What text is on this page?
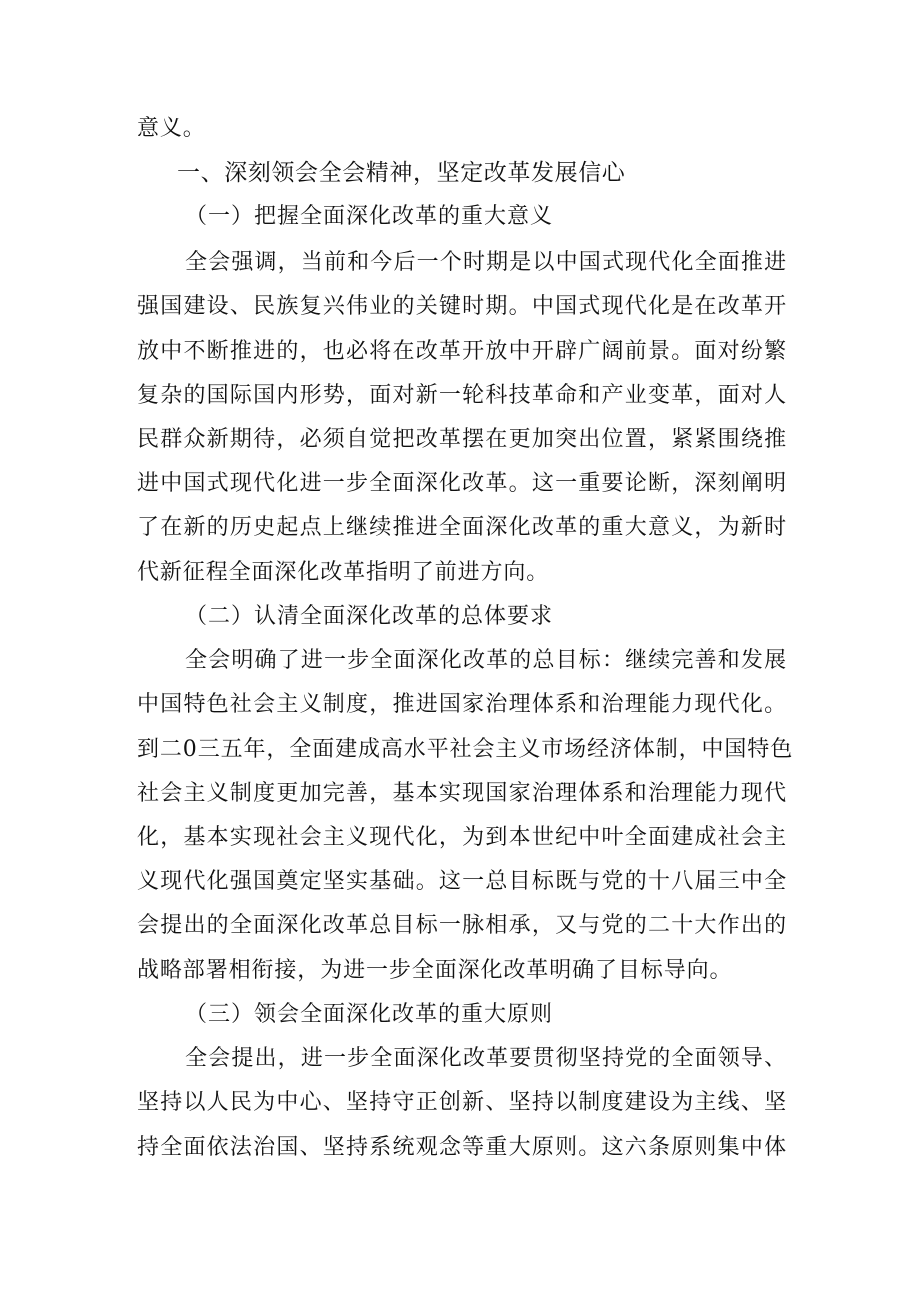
意义。
一、深刻领会全会精神，坚定改革发展信心
（一）把握全面深化改革的重大意义
全会强调，当前和今后一个时期是以中国式现代化全面推进
强国建设、民族复兴伟业的关键时期。中国式现代化是在改革开
放中不断推进的，也必将在改革开放中开辟广阔前景。面对纷繁
复杂的国际国内形势，面对新一轮科技革命和产业变革，面对人
民群众新期待，必须自觉把改革摆在更加突出位置，紧紧围绕推
进中国式现代化进一步全面深化改革。这一重要论断，深刻阐明
了在新的历史起点上继续推进全面深化改革的重大意义，为新时
代新征程全面深化改革指明了前进方向。
（二）认清全面深化改革的总体要求
全会明确了进一步全面深化改革的总目标：继续完善和发展
中国特色社会主义制度，推进国家治理体系和治理能力现代化。
到二0三五年，全面建成高水平社会主义市场经济体制，中国特色
社会主义制度更加完善，基本实现国家治理体系和治理能力现代
化，基本实现社会主义现代化，为到本世纪中叶全面建成社会主
义现代化强国奠定坚实基础。这一总目标既与党的十八届三中全
会提出的全面深化改革总目标一脉相承，又与党的二十大作出的
战略部署相衔接，为进一步全面深化改革明确了目标导向。
（三）领会全面深化改革的重大原则
全会提出，进一步全面深化改革要贯彻坚持党的全面领导、
坚持以人民为中心、坚持守正创新、坚持以制度建设为主线、坚
持全面依法治国、坚持系统观念等重大原则。这六条原则集中体
